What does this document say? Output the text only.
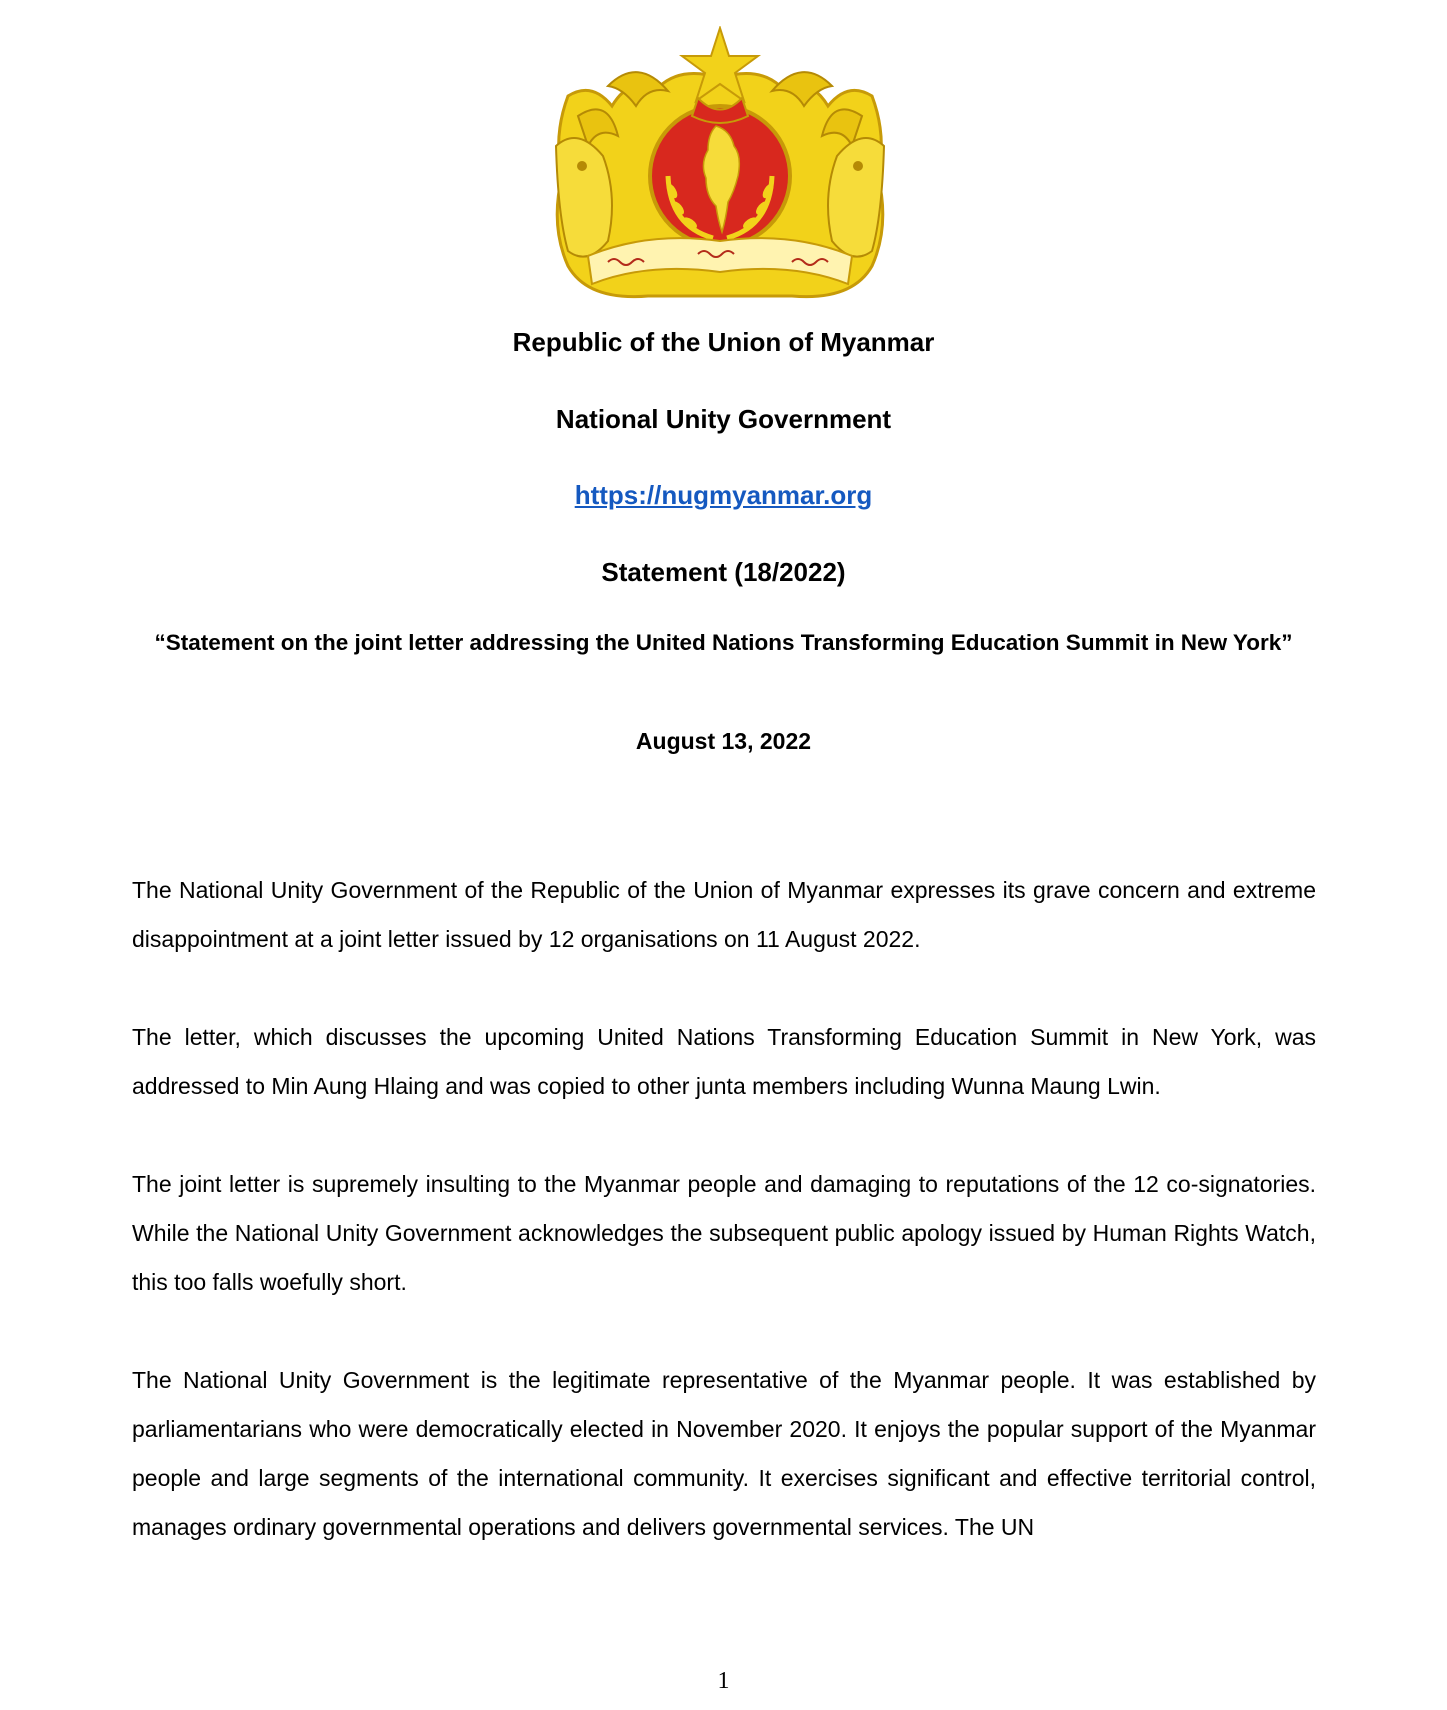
Republic of the Union of Myanmar
National Unity Government
https://nugmyanmar.org
Statement (18/2022)
“Statement on the joint letter addressing the United Nations Transforming Education Summit in New York”
August 13, 2022
The National Unity Government of the Republic of the Union of Myanmar expresses its grave concern and extreme disappointment at a joint letter issued by 12 organisations on 11 August 2022.
The letter, which discusses the upcoming United Nations Transforming Education Summit in New York, was addressed to Min Aung Hlaing and was copied to other junta members including Wunna Maung Lwin.
The joint letter is supremely insulting to the Myanmar people and damaging to reputations of the 12 co-signatories. While the National Unity Government acknowledges the subsequent public apology issued by Human Rights Watch, this too falls woefully short.
The National Unity Government is the legitimate representative of the Myanmar people. It was established by parliamentarians who were democratically elected in November 2020. It enjoys the popular support of the Myanmar people and large segments of the international community. It exercises significant and effective territorial control, manages ordinary governmental operations and delivers governmental services. The UN
1
